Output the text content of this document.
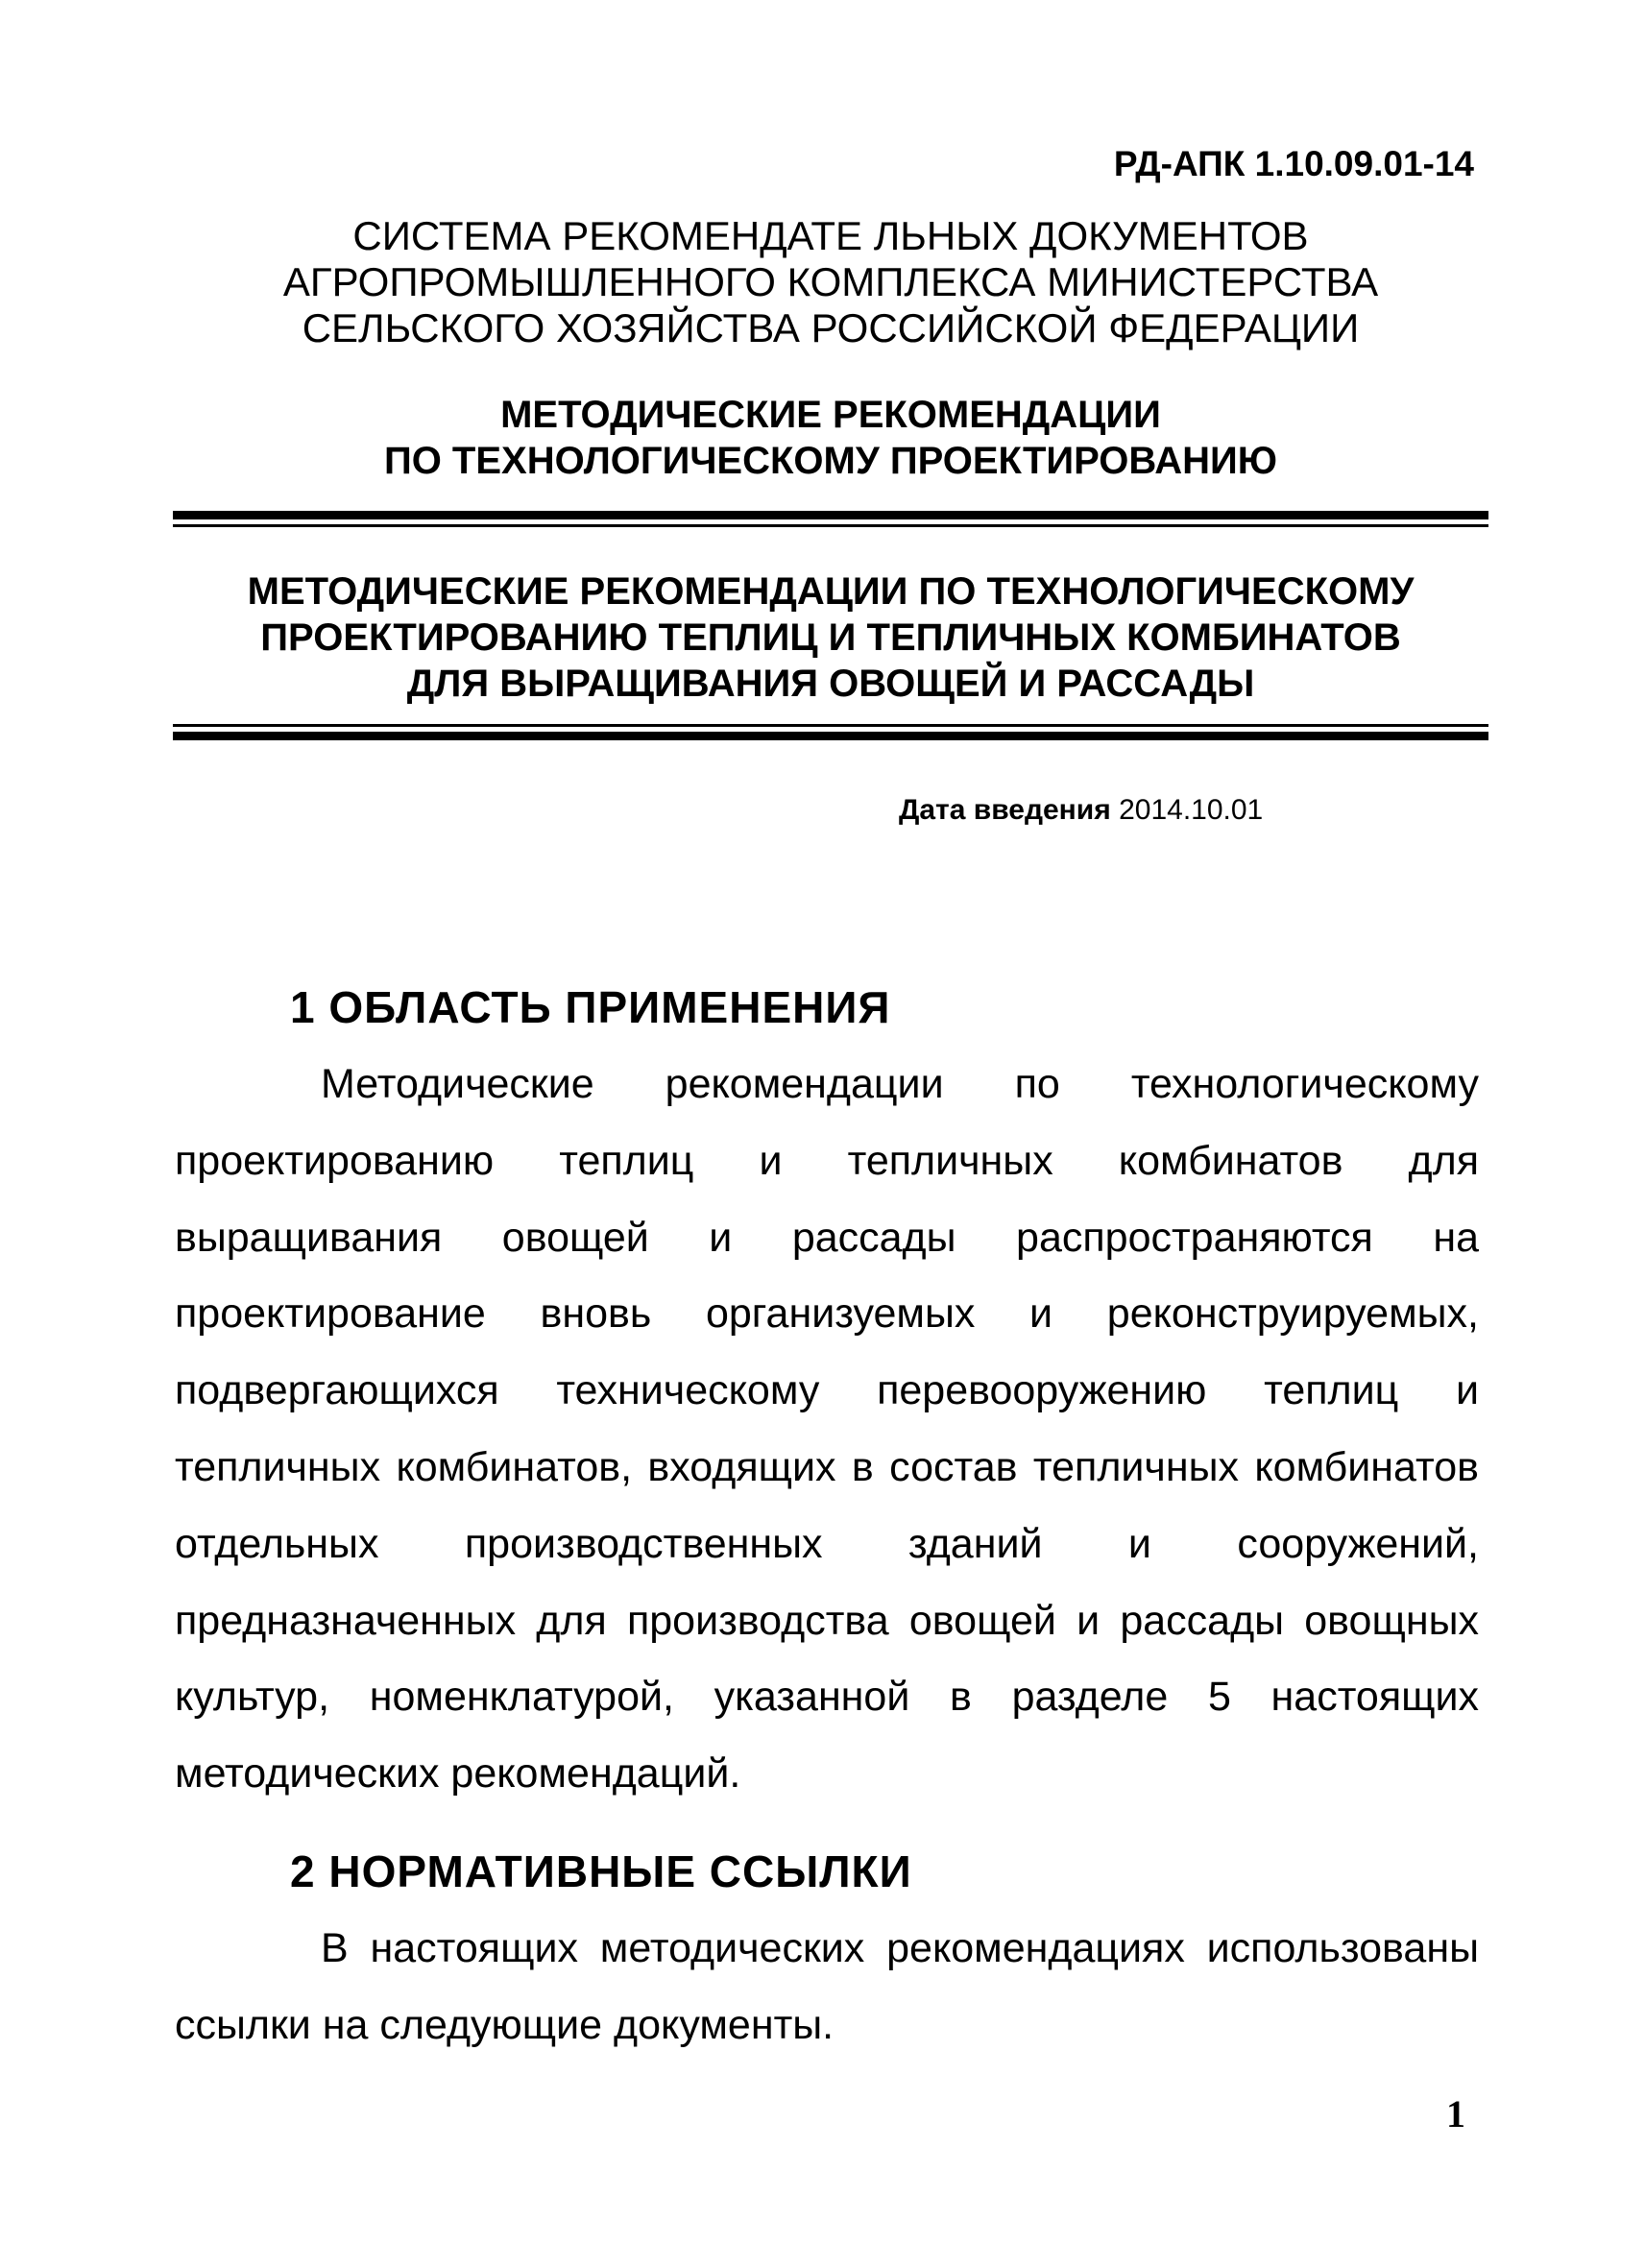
РД-АПК 1.10.09.01-14
СИСТЕМА РЕКОМЕНДАТЕ ЛЬНЫХ ДОКУМЕНТОВ
АГРОПРОМЫШЛЕННОГО КОМПЛЕКСА МИНИСТЕРСТВА
СЕЛЬСКОГО ХОЗЯЙСТВА РОССИЙСКОЙ ФЕДЕРАЦИИ
МЕТОДИЧЕСКИЕ РЕКОМЕНДАЦИИ
ПО ТЕХНОЛОГИЧЕСКОМУ ПРОЕКТИРОВАНИЮ
МЕТОДИЧЕСКИЕ РЕКОМЕНДАЦИИ ПО ТЕХНОЛОГИЧЕСКОМУ
ПРОЕКТИРОВАНИЮ ТЕПЛИЦ И ТЕПЛИЧНЫХ КОМБИНАТОВ
ДЛЯ ВЫРАЩИВАНИЯ ОВОЩЕЙ И РАССАДЫ
Дата введения 2014.10.01
1 ОБЛАСТЬ ПРИМЕНЕНИЯ

Методические рекомендации по технологическому проектированию теплиц и тепличных комбинатов для выращивания овощей и рассады распространяются на проектирование вновь организуемых и реконструируемых, подвергающихся техническому перевооружению теплиц и тепличных комбинатов, входящих в состав тепличных комбинатов отдельных производственных зданий и сооружений, предназначенных для производства овощей и рассады овощных культур, номенклатурой, указанной в разделе 5 настоящих методических рекомендаций.

2 НОРМАТИВНЫЕ ССЫЛКИ

В настоящих методических рекомендациях использованы ссылки на следующие документы.

1
